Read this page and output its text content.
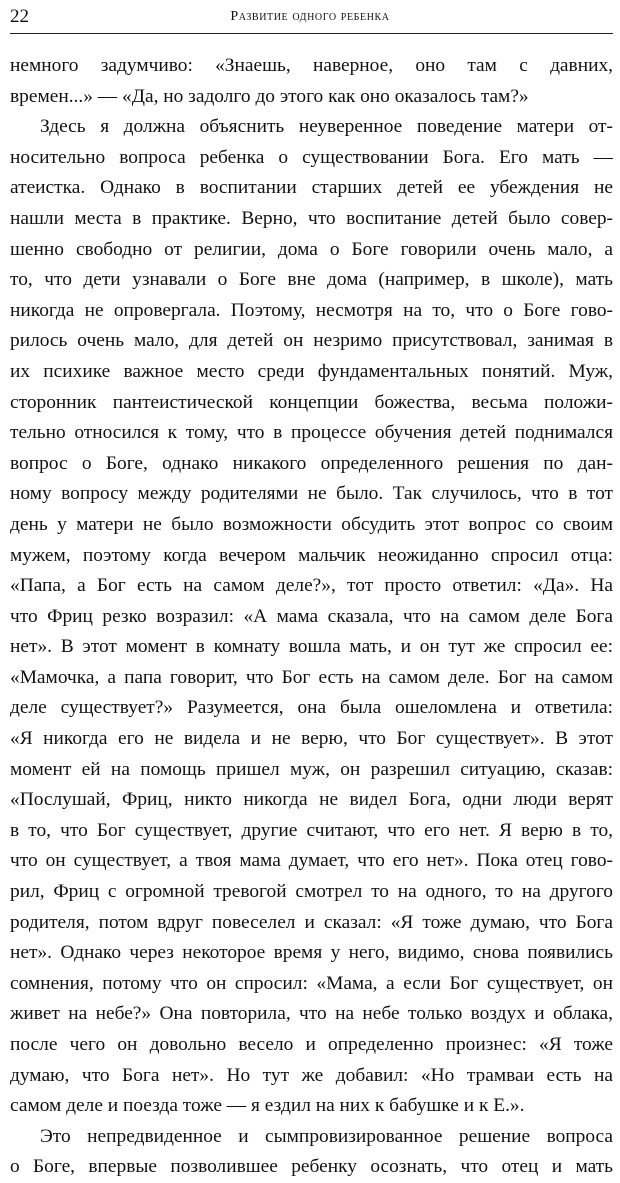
22	Развитие одного ребенка
немного задумчиво: «Знаешь, наверное, оно там с давних,
времен...» — «Да, но задолго до этого как оно оказалось там?»
Здесь я должна объяснить неуверенное поведение матери от-
носительно вопроса ребенка о существовании Бога. Его мать —
атеистка. Однако в воспитании старших детей ее убеждения не
нашли места в практике. Верно, что воспитание детей было совер-
шенно свободно от религии, дома о Боге говорили очень мало, а
то, что дети узнавали о Боге вне дома (например, в школе), мать
никогда не опровергала. Поэтому, несмотря на то, что о Боге гово-
рилось очень мало, для детей он незримо присутствовал, занимая в
их психике важное место среди фундаментальных понятий. Муж,
сторонник пантеистической концепции божества, весьма положи-
тельно относился к тому, что в процессе обучения детей поднимался
вопрос о Боге, однако никакого определенного решения по дан-
ному вопросу между родителями не было. Так случилось, что в тот
день у матери не было возможности обсудить этот вопрос со своим
мужем, поэтому когда вечером мальчик неожиданно спросил отца:
«Папа, а Бог есть на самом деле?», тот просто ответил: «Да». На
что Фриц резко возразил: «А мама сказала, что на самом деле Бога
нет». В этот момент в комнату вошла мать, и он тут же спросил ее:
«Мамочка, а папа говорит, что Бог есть на самом деле. Бог на самом
деле существует?» Разумеется, она была ошеломлена и ответила:
«Я никогда его не видела и не верю, что Бог существует». В этот
момент ей на помощь пришел муж, он разрешил ситуацию, сказав:
«Послушай, Фриц, никто никогда не видел Бога, одни люди верят
в то, что Бог существует, другие считают, что его нет. Я верю в то,
что он существует, а твоя мама думает, что его нет». Пока отец гово-
рил, Фриц с огромной тревогой смотрел то на одного, то на другого
родителя, потом вдруг повеселел и сказал: «Я тоже думаю, что Бога
нет». Однако через некоторое время у него, видимо, снова появились
сомнения, потому что он спросил: «Мама, а если Бог существует, он
живет на небе?» Она повторила, что на небе только воздух и облака,
после чего он довольно весело и определенно произнес: «Я тоже
думаю, что Бога нет». Но тут же добавил: «Но трамваи есть на
самом деле и поезда тоже — я ездил на них к бабушке и к Е.».
Это непредвиденное и сымпровизированное решение вопроса
о Боге, впервые позволившее ребенку осознать, что отец и мать
